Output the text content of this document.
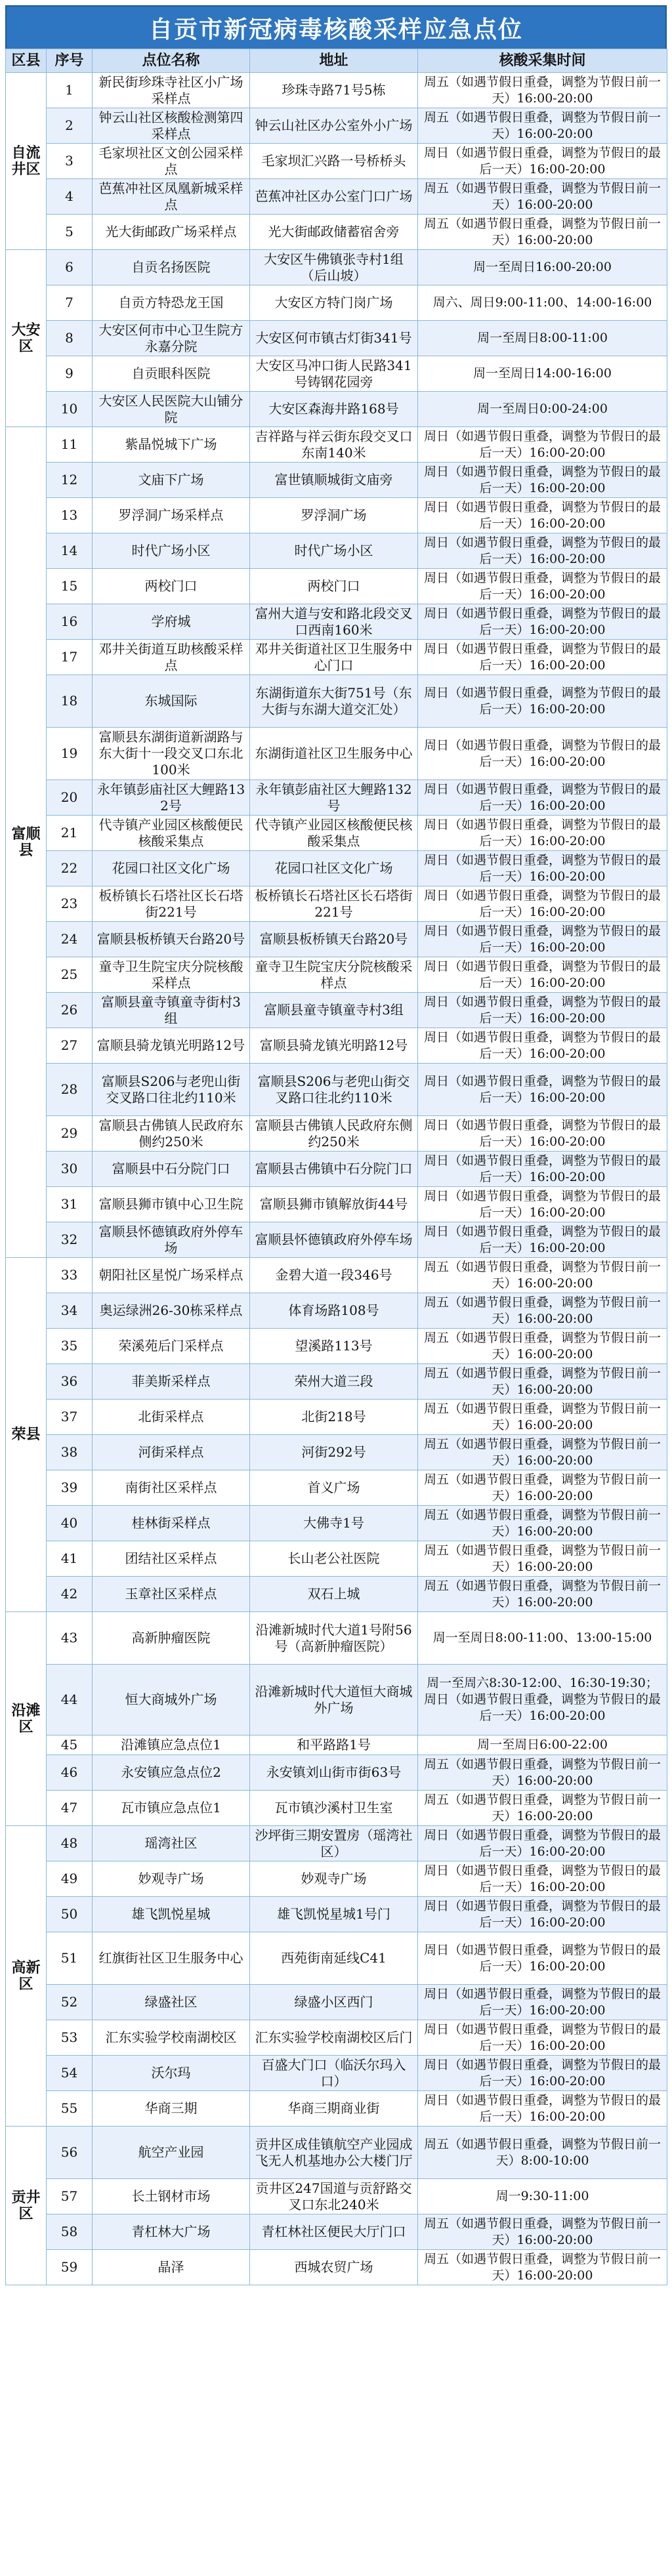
自贡市新冠病毒核酸采样应急点位
区县	序号	点位名称	地址	核酸采集时间
自流井区	1	新民街珍珠寺社区小广场采样点	珍珠寺路71号5栋	周五（如遇节假日重叠，调整为节假日前一天）16:00-20:00
	2	钟云山社区核酸检测第四采样点	钟云山社区办公室外小广场	周五（如遇节假日重叠，调整为节假日前一天）16:00-20:00
	3	毛家坝社区文创公园采样点	毛家坝汇兴路一号桥桥头	周日（如遇节假日重叠，调整为节假日的最后一天）16:00-20:00
	4	芭蕉冲社区凤凰新城采样点	芭蕉冲社区办公室门口广场	周五（如遇节假日重叠，调整为节假日前一天）16:00-20:00
	5	光大街邮政广场采样点	光大街邮政储蓄宿舍旁	周五（如遇节假日重叠，调整为节假日前一天）16:00-20:00
大安区	6	自贡名扬医院	大安区牛佛镇张寺村1组（后山坡）	周一至周日16:00-20:00
	7	自贡方特恐龙王国	大安区方特门岗广场	周六、周日9:00-11:00、14:00-16:00
	8	大安区何市中心卫生院方永嘉分院	大安区何市镇古灯街341号	周一至周日8:00-11:00
	9	自贡眼科医院	大安区马冲口街人民路341号铸钢花园旁	周一至周日14:00-16:00
	10	大安区人民医院大山铺分院	大安区森海井路168号	周一至周日0:00-24:00
富顺县	11	紫晶悦城下广场	吉祥路与祥云街东段交叉口东南140米	周日（如遇节假日重叠，调整为节假日的最后一天）16:00-20:00
	12	文庙下广场	富世镇顺城街文庙旁	周日（如遇节假日重叠，调整为节假日的最后一天）16:00-20:00
	13	罗浮洞广场采样点	罗浮洞广场	周日（如遇节假日重叠，调整为节假日的最后一天）16:00-20:00
	14	时代广场小区	时代广场小区	周日（如遇节假日重叠，调整为节假日的最后一天）16:00-20:00
	15	两校门口	两校门口	周日（如遇节假日重叠，调整为节假日的最后一天）16:00-20:00
	16	学府城	富州大道与安和路北段交叉口西南160米	周日（如遇节假日重叠，调整为节假日的最后一天）16:00-20:00
	17	邓井关街道互助核酸采样点	邓井关街道社区卫生服务中心门口	周日（如遇节假日重叠，调整为节假日的最后一天）16:00-20:00
	18	东城国际	东湖街道东大街751号（东大街与东湖大道交汇处）	周日（如遇节假日重叠，调整为节假日的最后一天）16:00-20:00
	19	富顺县东湖街道新湖路与东大街十一段交叉口东北100米	东湖街道社区卫生服务中心	周日（如遇节假日重叠，调整为节假日的最后一天）16:00-20:00
	20	永年镇彭庙社区大鲤路132号	永年镇彭庙社区大鲤路132号	周日（如遇节假日重叠，调整为节假日的最后一天）16:00-20:00
	21	代寺镇产业园区核酸便民核酸采集点	代寺镇产业园区核酸便民核酸采集点	周日（如遇节假日重叠，调整为节假日的最后一天）16:00-20:00
	22	花园口社区文化广场	花园口社区文化广场	周日（如遇节假日重叠，调整为节假日的最后一天）16:00-20:00
	23	板桥镇长石塔社区长石塔街221号	板桥镇长石塔社区长石塔街221号	周日（如遇节假日重叠，调整为节假日的最后一天）16:00-20:00
	24	富顺县板桥镇天台路20号	富顺县板桥镇天台路20号	周日（如遇节假日重叠，调整为节假日的最后一天）16:00-20:00
	25	童寺卫生院宝庆分院核酸采样点	童寺卫生院宝庆分院核酸采样点	周日（如遇节假日重叠，调整为节假日的最后一天）16:00-20:00
	26	富顺县童寺镇童寺街村3组	富顺县童寺镇童寺村3组	周日（如遇节假日重叠，调整为节假日的最后一天）16:00-20:00
	27	富顺县骑龙镇光明路12号	富顺县骑龙镇光明路12号	周日（如遇节假日重叠，调整为节假日的最后一天）16:00-20:00
	28	富顺县S206与老兜山街交叉路口往北约110米	富顺县S206与老兜山街交叉路口往北约110米	周日（如遇节假日重叠，调整为节假日的最后一天）16:00-20:00
	29	富顺县古佛镇人民政府东侧约250米	富顺县古佛镇人民政府东侧约250米	周日（如遇节假日重叠，调整为节假日的最后一天）16:00-20:00
	30	富顺县中石分院门口	富顺县古佛镇中石分院门口	周日（如遇节假日重叠，调整为节假日的最后一天）16:00-20:00
	31	富顺县狮市镇中心卫生院	富顺县狮市镇解放街44号	周日（如遇节假日重叠，调整为节假日的最后一天）16:00-20:00
	32	富顺县怀德镇政府外停车场	富顺县怀德镇政府外停车场	周日（如遇节假日重叠，调整为节假日的最后一天）16:00-20:00
荣县	33	朝阳社区星悦广场采样点	金碧大道一段346号	周五（如遇节假日重叠，调整为节假日前一天）16:00-20:00
	34	奥运绿洲26-30栋采样点	体育场路108号	周五（如遇节假日重叠，调整为节假日前一天）16:00-20:00
	35	荣溪苑后门采样点	望溪路113号	周五（如遇节假日重叠，调整为节假日前一天）16:00-20:00
	36	菲美斯采样点	荣州大道三段	周五（如遇节假日重叠，调整为节假日前一天）16:00-20:00
	37	北街采样点	北街218号	周五（如遇节假日重叠，调整为节假日前一天）16:00-20:00
	38	河街采样点	河街292号	周五（如遇节假日重叠，调整为节假日前一天）16:00-20:00
	39	南街社区采样点	首义广场	周五（如遇节假日重叠，调整为节假日前一天）16:00-20:00
	40	桂林街采样点	大佛寺1号	周五（如遇节假日重叠，调整为节假日前一天）16:00-20:00
	41	团结社区采样点	长山老公社医院	周五（如遇节假日重叠，调整为节假日前一天）16:00-20:00
	42	玉章社区采样点	双石上城	周五（如遇节假日重叠，调整为节假日前一天）16:00-20:00
沿滩区	43	高新肿瘤医院	沿滩新城时代大道1号附56号（高新肿瘤医院）	周一至周日8:00-11:00、13:00-15:00
	44	恒大商城外广场	沿滩新城时代大道恒大商城外广场	周一至周六8:30-12:00、16:30-19:30；周日（如遇节假日重叠，调整为节假日的最后一天）16:00-20:00
	45	沿滩镇应急点位1	和平路路1号	周一至周日6:00-22:00
	46	永安镇应急点位2	永安镇刘山街市街63号	周五（如遇节假日重叠，调整为节假日前一天）16:00-20:00
	47	瓦市镇应急点位1	瓦市镇沙溪村卫生室	周五（如遇节假日重叠，调整为节假日前一天）16:00-20:00
高新区	48	瑶湾社区	沙坪街三期安置房（瑶湾社区）	周日（如遇节假日重叠，调整为节假日的最后一天）16:00-20:00
	49	妙观寺广场	妙观寺广场	周日（如遇节假日重叠，调整为节假日的最后一天）16:00-20:00
	50	雄飞凯悦星城	雄飞凯悦星城1号门	周日（如遇节假日重叠，调整为节假日的最后一天）16:00-20:00
	51	红旗街社区卫生服务中心	西苑街南延线C41	周日（如遇节假日重叠，调整为节假日的最后一天）16:00-20:00
	52	绿盛社区	绿盛小区西门	周日（如遇节假日重叠，调整为节假日的最后一天）16:00-20:00
	53	汇东实验学校南湖校区	汇东实验学校南湖校区后门	周日（如遇节假日重叠，调整为节假日的最后一天）16:00-20:00
	54	沃尔玛	百盛大门口（临沃尔玛入口）	周日（如遇节假日重叠，调整为节假日的最后一天）16:00-20:00
	55	华商三期	华商三期商业街	周日（如遇节假日重叠，调整为节假日的最后一天）16:00-20:00
贡井区	56	航空产业园	贡井区成佳镇航空产业园成飞无人机基地办公大楼门厅	周五（如遇节假日重叠，调整为节假日前一天）8:00-10:00
	57	长土钢材市场	贡井区247国道与贡舒路交叉口东北240米	周一9:30-11:00
	58	青杠林大广场	青杠林社区便民大厅门口	周五（如遇节假日重叠，调整为节假日前一天）16:00-20:00
	59	晶泽	西城农贸广场	周五（如遇节假日重叠，调整为节假日前一天）16:00-20:00
